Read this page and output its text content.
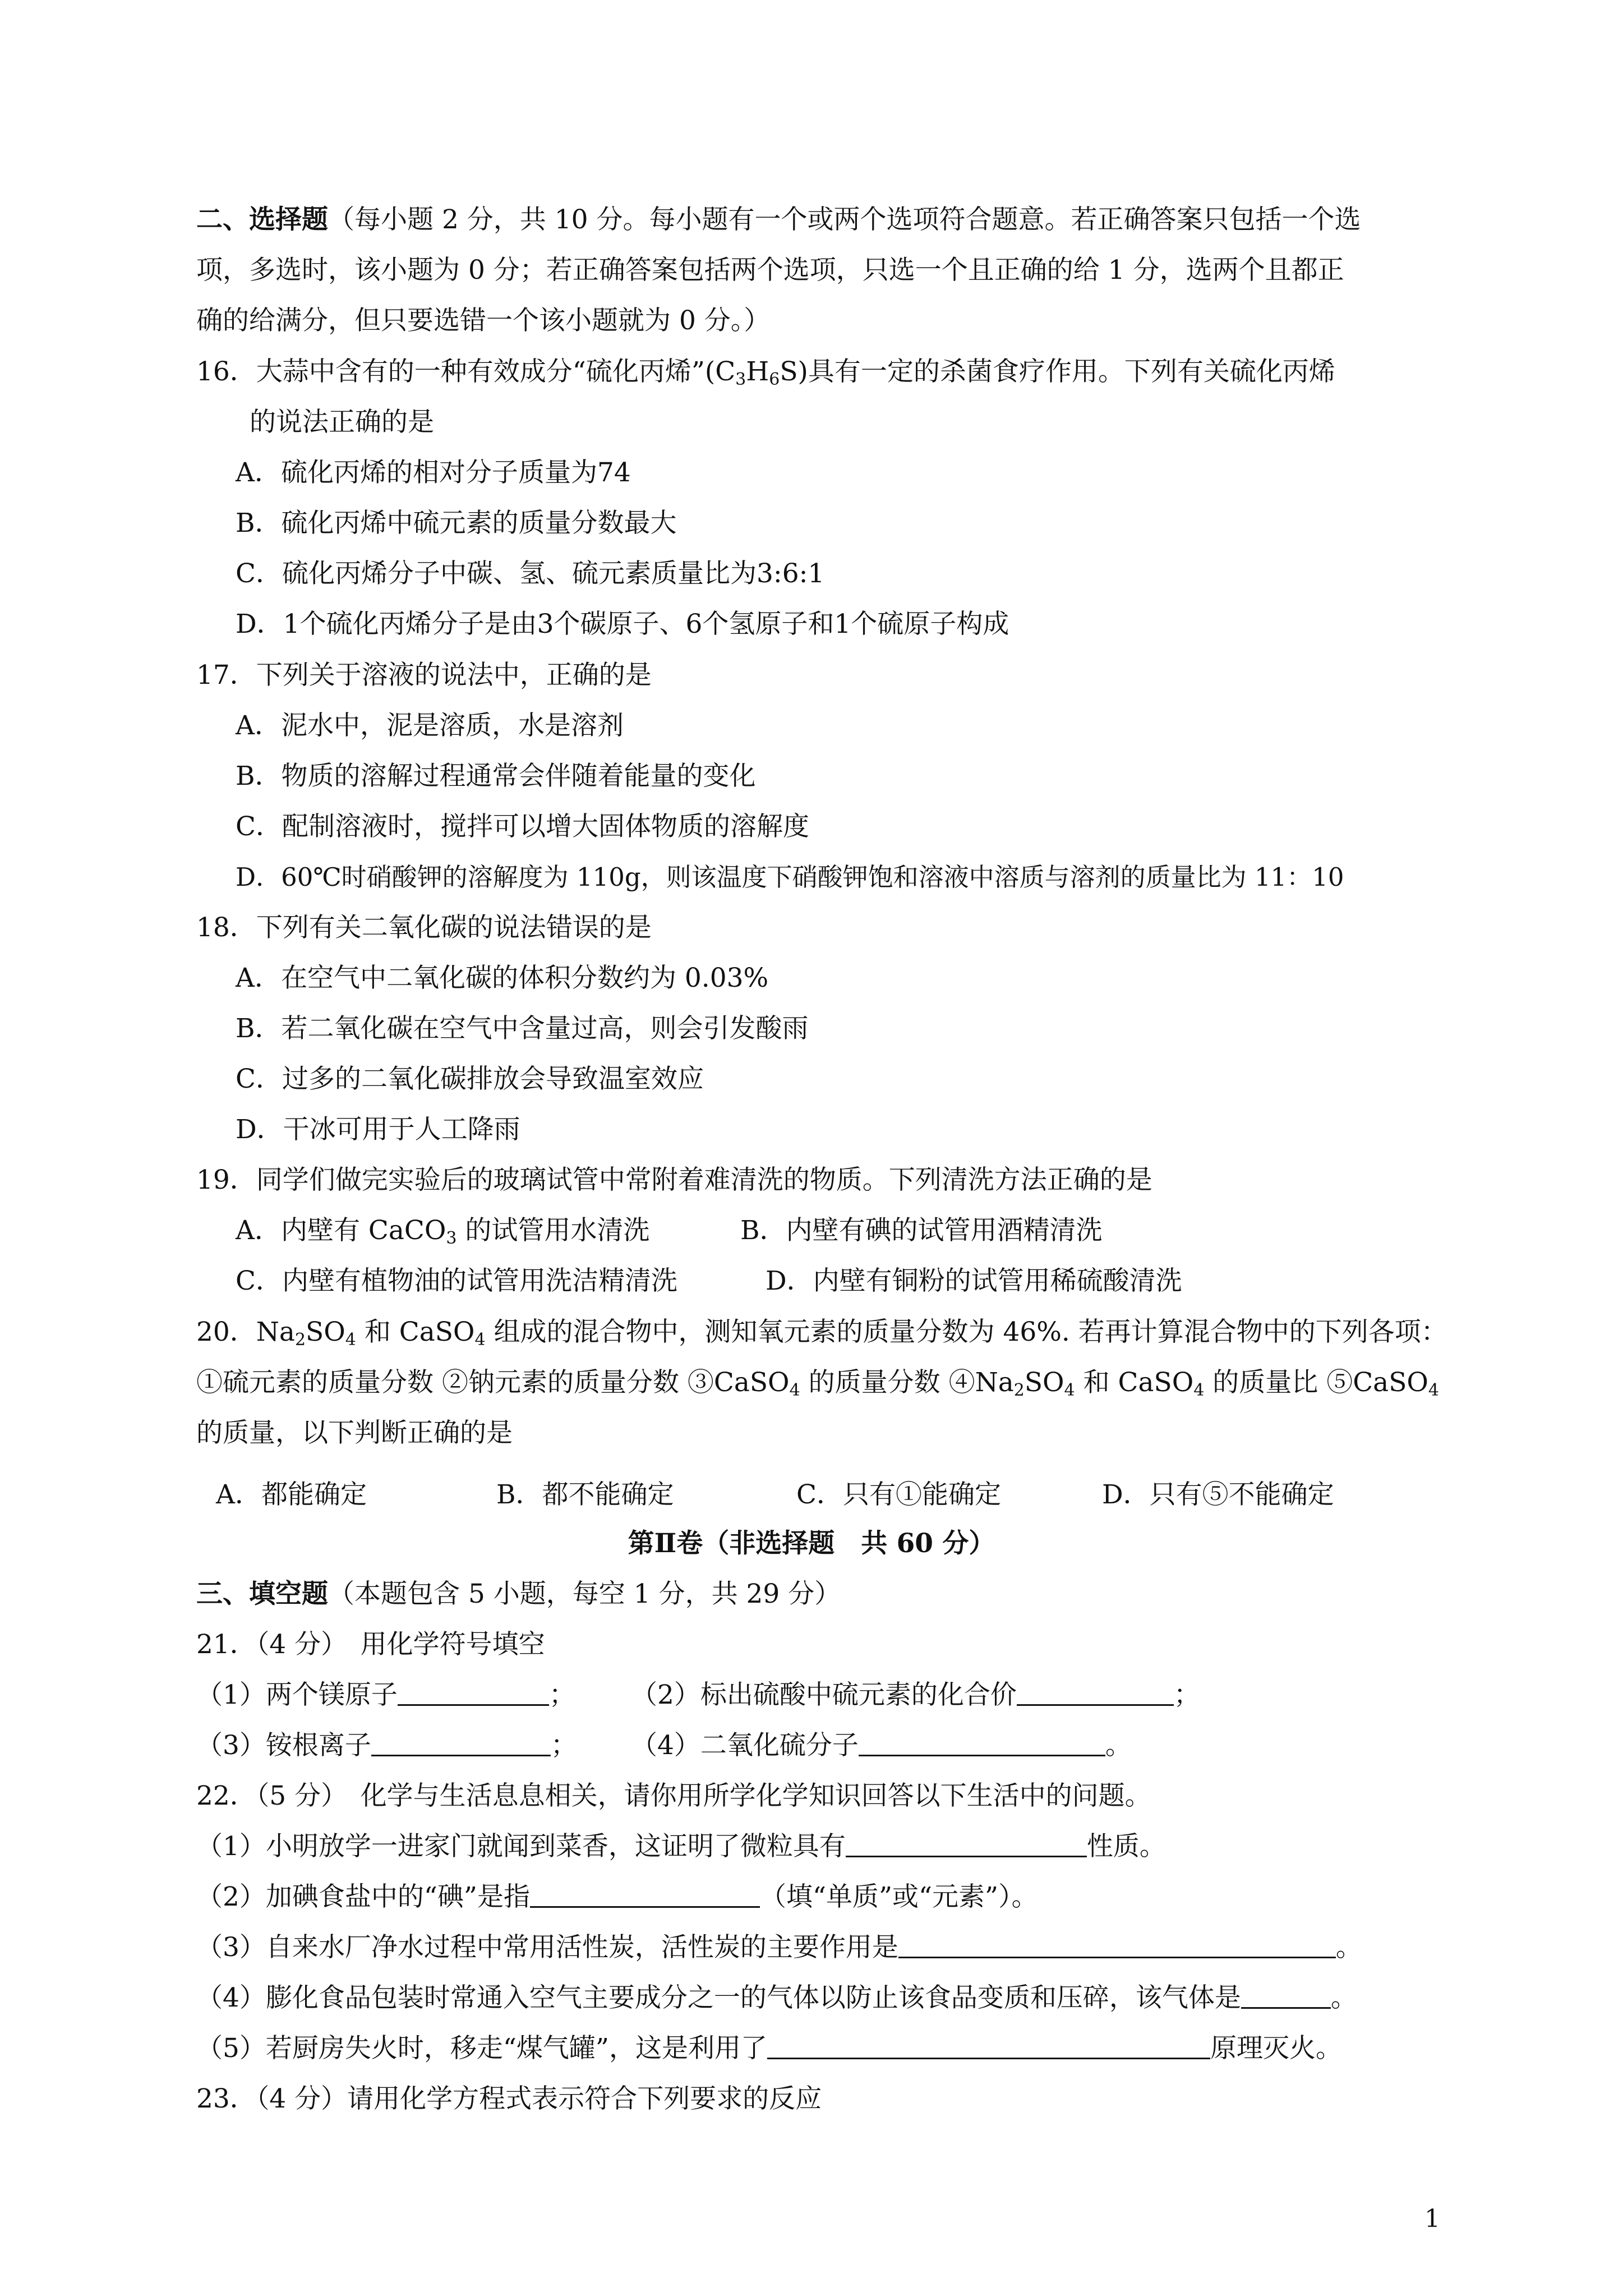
二、选择题（每小题 2 分，共 10 分。每小题有一个或两个选项符合题意。若正确答案只包括一个选
项，多选时，该小题为 0 分；若正确答案包括两个选项，只选一个且正确的给 1 分，选两个且都正
确的给满分，但只要选错一个该小题就为 0 分。）
16．大蒜中含有的一种有效成分“硫化丙烯$”(C_3H_6S)$具有一定的杀菌食疗作用。下列有关硫化丙烯
的说法正确的是
A．硫化丙烯的相对分子质量为74
B．硫化丙烯中硫元素的质量分数最大
C．硫化丙烯分子中碳、氢、硫元素质量比为3:6:1
D．1个硫化丙烯分子是由3个碳原子、6个氢原子和1个硫原子构成
17．下列关于溶液的说法中，正确的是
A．泥水中，泥是溶质，水是溶剂
B．物质的溶解过程通常会伴随着能量的变化
C．配制溶液时，搅拌可以增大固体物质的溶解度
D．60℃时硝酸钾的溶解度为 110g，则该温度下硝酸钾饱和溶液中溶质与溶剂的质量比为 11：10
18．下列有关二氧化碳的说法错误的是
A．在空气中二氧化碳的体积分数约为 0.03%
B．若二氧化碳在空气中含量过高，则会引发酸雨
C．过多的二氧化碳排放会导致温室效应
D．干冰可用于人工降雨
19．同学们做完实验后的玻璃试管中常附着难清洗的物质。下列清洗方法正确的是
A．内壁有 CaCO$_3$ 的试管用水清洗	B．内壁有碘的试管用酒精清洗
C．内壁有植物油的试管用洗洁精清洗	D．内壁有铜粉的试管用稀硫酸清洗
20．$Na_2SO_4$ 和 CaSO$_4$ 组成的混合物中，测知氧元素的质量分数为 46%. 若再计算混合物中的下列各项：
①硫元素的质量分数 ②钠元素的质量分数 ③CaSO$_4$ 的质量分数 $④Na_2SO_4$ 和 CaSO$_4$ 的质量比 ⑤CaSO$_4$
的质量，以下判断正确的是
A．都能确定	B．都不能确定	C．只有①能确定	D．只有⑤不能确定
第Ⅱ卷（非选择题　共 60 分）
三、填空题（本题包含 5 小题，每空 1 分，共 29 分）
21．（4 分）　用化学符号填空
（1）两个镁原子	； （2）标出硫酸中硫元素的化合价	；
（3）铵根离子	； （4）二氧化硫分子	。
22．（5 分）　化学与生活息息相关，请你用所学化学知识回答以下生活中的问题。
（1）小明放学一进家门就闻到菜香，这证明了微粒具有	性质。
（2）加碘食盐中的“碘”是指	（填“单质”或“元素”）。
（3）自来水厂净水过程中常用活性炭，活性炭的主要作用是	。
（4）膨化食品包装时常通入空气主要成分之一的气体以防止该食品变质和压碎，该气体是	。
（5）若厨房失火时，移走“煤气罐”，这是利用了	原理灭火。
23．（4 分）请用化学方程式表示符合下列要求的反应
1
